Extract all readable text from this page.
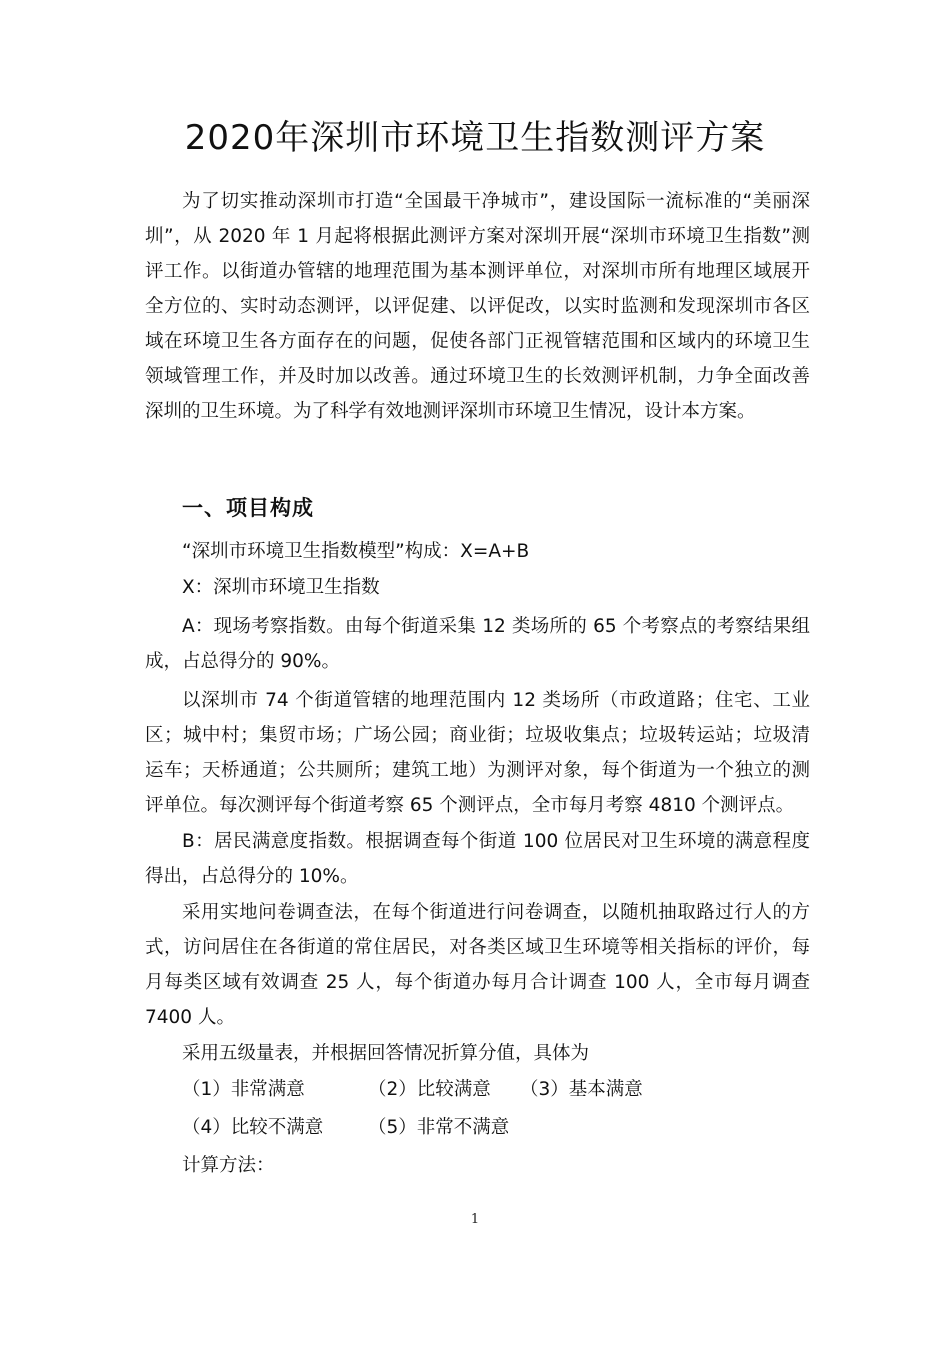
2020年深圳市环境卫生指数测评方案

为了切实推动深圳市打造“全国最干净城市”，建设国际一流标准的“美丽深圳”，从 2020 年 1 月起将根据此测评方案对深圳开展“深圳市环境卫生指数”测评工作。以街道办管辖的地理范围为基本测评单位，对深圳市所有地理区域展开全方位的、实时动态测评，以评促建、以评促改，以实时监测和发现深圳市各区域在环境卫生各方面存在的问题，促使各部门正视管辖范围和区域内的环境卫生领域管理工作，并及时加以改善。通过环境卫生的长效测评机制，力争全面改善深圳的卫生环境。为了科学有效地测评深圳市环境卫生情况，设计本方案。

一、项目构成

“深圳市环境卫生指数模型”构成：X=A+B

X：深圳市环境卫生指数

A：现场考察指数。由每个街道采集 12 类场所的 65 个考察点的考察结果组成，占总得分的 90%。

以深圳市 74 个街道管辖的地理范围内 12 类场所（市政道路；住宅、工业区；城中村；集贸市场；广场公园；商业街；垃圾收集点；垃圾转运站；垃圾清运车；天桥通道；公共厕所；建筑工地）为测评对象，每个街道为一个独立的测评单位。每次测评每个街道考察 65 个测评点，全市每月考察 4810 个测评点。

B：居民满意度指数。根据调查每个街道 100 位居民对卫生环境的满意程度得出，占总得分的 10%。

采用实地问卷调查法，在每个街道进行问卷调查，以随机抽取路过行人的方式，访问居住在各街道的常住居民，对各类区域卫生环境等相关指标的评价，每月每类区域有效调查 25 人，每个街道办每月合计调查 100 人，全市每月调查 7400 人。

采用五级量表，并根据回答情况折算分值，具体为

（1）非常满意	（2）比较满意 （3）基本满意
（4）比较不满意 （5）非常不满意

计算方法：

1
